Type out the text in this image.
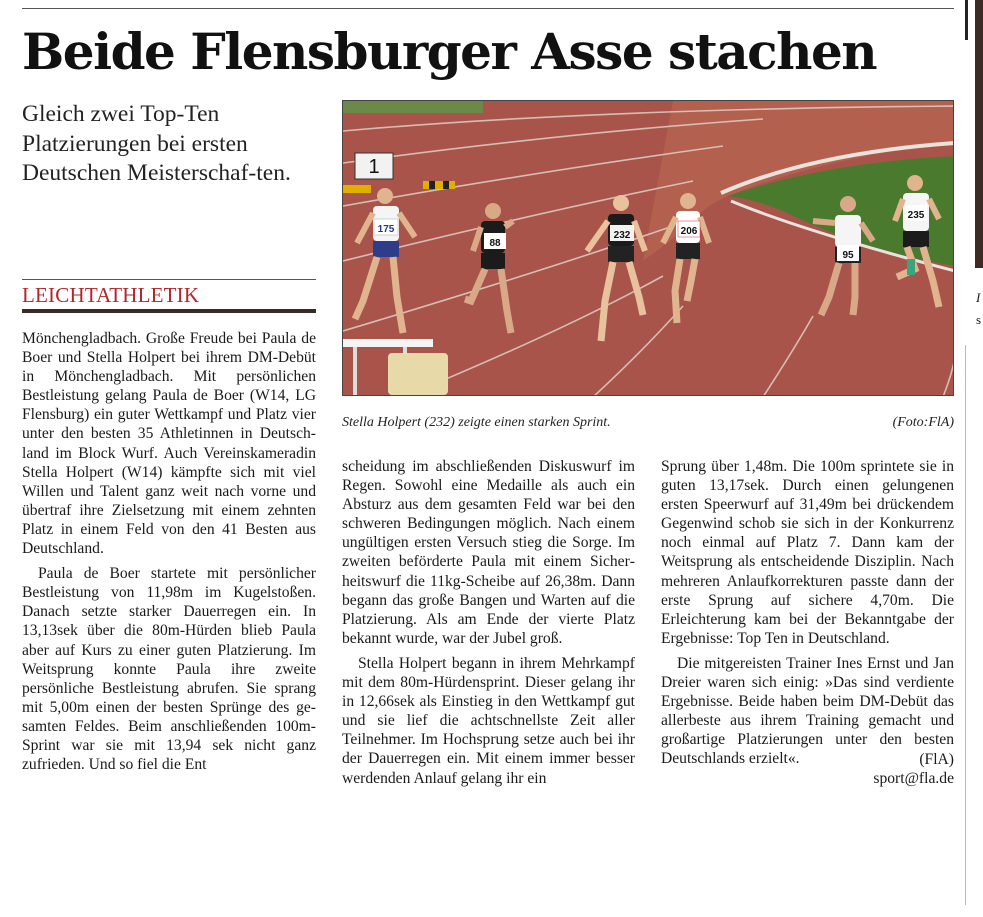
Beide Flensburger Asse stachen
Gleich zwei Top-Ten Platzierungen bei ersten Deutschen Meisterschaf-ten.
LEICHTATHLETIK
1
175
88
232	206
95
235
Stella Holpert (232) zeigte einen starken Sprint.	(Foto:FlA)

Mönchengladbach. Große Freude bei Paula de Boer und Stella Holpert bei ihrem DM-Debüt in Mönchengladbach. Mit persönlichen Bestleistung gelang Paula de Boer (W14, LG Flensburg) ein guter Wettkampf und Platz vier unter den besten 35 Athletinnen in Deutschland im Block Wurf. Auch Vereinskameradin Stella Holpert (W14) kämpfte sich mit viel Willen und Talent ganz weit nach vorne und übertraf ihre Zielsetzung mit einem zehnten Platz in einem Feld von den 41 Besten aus Deutschland.

Paula de Boer startete mit persönlicher Bestleistung von 11,98m im Kugelstoßen. Danach setzte starker Dauerregen ein. In 13,13sek über die 80m-Hürden blieb Paula aber auf Kurs zu einer guten Platzierung. Im Weitsprung konnte Paula ihre zweite persönliche Bestleistung abrufen. Sie sprang mit 5,00m einen der besten Sprünge des gesamten Feldes. Beim anschließenden 100m-Sprint war sie mit 13,94 sek nicht ganz zufrieden. Und so fiel die Ent

scheidung im abschließenden Diskuswurf im Regen. Sowohl eine Medaille als auch ein Absturz aus dem gesamten Feld war bei den schweren Bedingungen möglich. Nach einem ungültigen ersten Versuch stieg die Sorge. Im zweiten beförderte Paula mit einem Sicherheitswurf die 11kg-Scheibe auf 26,38m. Dann begann das große Bangen und Warten auf die Platzierung. Als am Ende der vierte Platz bekannt wurde, war der Jubel groß.

Stella Holpert begann in ihrem Mehrkampf mit dem 80m-Hürdensprint. Dieser gelang ihr in 12,66sek als Einstieg in den Wettkampf gut und sie lief die achtschnellste Zeit aller Teilnehmer. Im Hochsprung setze auch bei ihr der Dauerregen ein. Mit einem immer besser werdenden Anlauf gelang ihr ein

Sprung über 1,48m. Die 100m sprintete sie in guten 13,17sek. Durch einen gelungenen ersten Speerwurf auf 31,49m bei drückendem Gegenwind schob sie sich in der Konkurrenz noch einmal auf Platz 7. Dann kam der Weitsprung als entscheidende Disziplin. Nach mehreren Anlaufkorrekturen passte dann der erste Sprung auf sichere 4,70m. Die Erleichterung kam bei der Bekanntgabe der Ergebnisse: Top Ten in Deutschland.

Die mitgereisten Trainer Ines Ernst und Jan Dreier waren sich einig: »Das sind verdiente Ergebnisse. Beide haben beim DM-Debüt das allerbeste aus ihrem Training gemacht und großartige Platzierungen unter den besten Deutschlands erzielt«.	(FlA)
sport@fla.de
I
s
